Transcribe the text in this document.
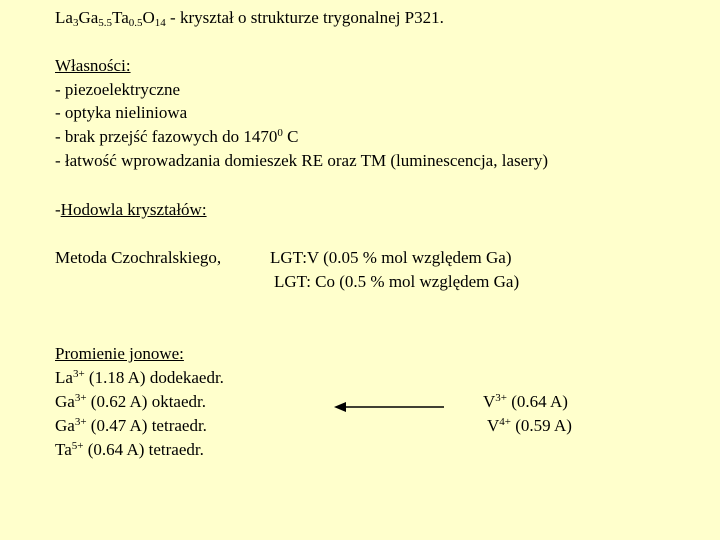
$La_3Ga_{5.5}Ta_{0.5}O_{14}$ - kryształ o strukturze trygonalnej P321.
Własności:
- piezoelektryczne
- optyka nieliniowa
- brak przejść fazowych do 1470$^0$ C
- łatwość wprowadzania domieszek RE oraz TM (luminescencja, lasery)
-Hodowla kryształów:
Metoda Czochralskiego,	LGT:V (0.05 % mol względem Ga)
LGT: Co (0.5 % mol względem Ga)
Promienie jonowe:
$La^{3+}$ (1.18 A) dodekaedr.
$Ga^{3+}$ (0.62 A) oktaedr.
$Ga^{3+}$ (0.47 A) tetraedr.
$Ta^{5+}$ (0.64 A) tetraedr.
$V^{3+}$ (0.64 A)
$V^{4+}$ (0.59 A)
